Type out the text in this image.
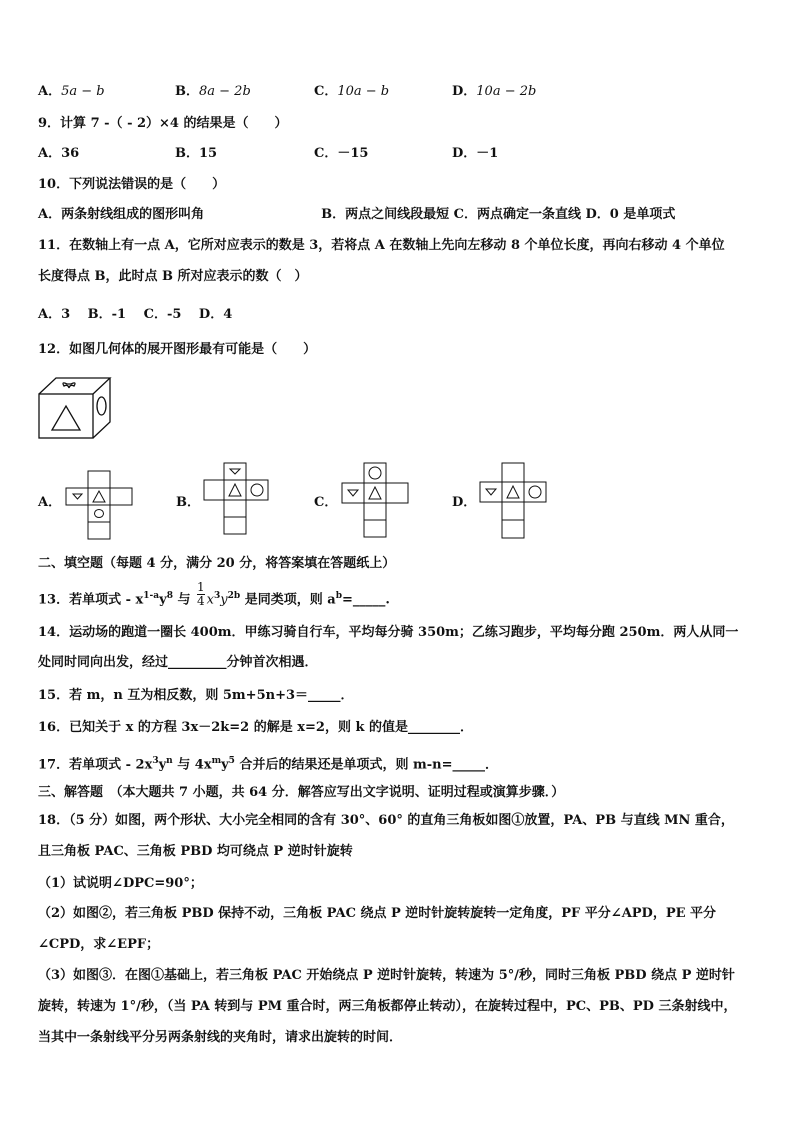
A．5a − b	B．8a − 2b	C．10a − b	D．10a − 2b
9．计算 7 -（ - 2）×4 的结果是（　　）
A．36	B．15	C．－15	D．－1
10．下列说法错误的是（　　）
A．两条射线组成的图形叫角　　　　　　　　　B．两点之间线段最短 C．两点确定一条直线 D．0 是单项式
11．在数轴上有一点 A，它所对应表示的数是 3，若将点 A 在数轴上先向左移动 8 个单位长度，再向右移动 4 个单位
长度得点 B，此时点 B 所对应表示的数（　）
A．3　 B．-1　 C．-5　 D．4
12．如图几何体的展开图形最有可能是（　　）
A．	B．	C．	D．
二、填空题（每题 4 分，满分 20 分，将答案填在答题纸上）
13．若单项式 - $x^{1-a}y^8$ 与 $\frac{1}{4} x^3y^{2b}$ 是同类项，则 $a^b=\_\_\_\_\_$.
14．运动场的跑道一圈长 400m．甲练习骑自行车，平均每分骑 350m；乙练习跑步，平均每分跑 250m．两人从同一
处同时同向出发，经过_________分钟首次相遇．
15．若 m，n 互为相反数，则 5m+5n+3＝_____．
16．已知关于 x 的方程 3x－2k=2 的解是 x=2，则 k 的值是________．
17．若单项式 - $2x^3y^n$ 与 $4x^my^5$ 合并后的结果还是单项式，则 m-n=_____．
三、解答题　（本大题共 7 小题，共 64 分．解答应写出文字说明、证明过程或演算步骤．）
18．（5 分）如图，两个形状、大小完全相同的含有 30°、60° 的直角三角板如图①放置，PA、PB 与直线 MN 重合，
且三角板 PAC、三角板 PBD 均可绕点 P 逆时针旋转
（1）试说明∠DPC=90°；
（2）如图②，若三角板 PBD 保持不动，三角板 PAC 绕点 P 逆时针旋转旋转一定角度，PF 平分∠APD，PE 平分
∠CPD，求∠EPF；
（3）如图③．在图①基础上，若三角板 PAC 开始绕点 P 逆时针旋转，转速为 5°/秒，同时三角板 PBD 绕点 P 逆时针
旋转，转速为 1°/秒，（当 PA 转到与 PM 重合时，两三角板都停止转动），在旋转过程中，PC、PB、PD 三条射线中，
当其中一条射线平分另两条射线的夹角时，请求出旋转的时间．
